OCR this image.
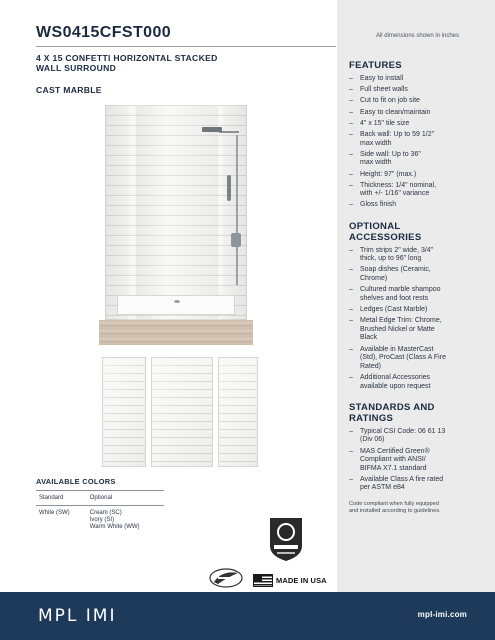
WS0415CFST000
FEATURES
– Easy to install
– Full sheet walls
– Cut to fit on job site
– Easy to clean/maintain
– 4" x 15" tile size
– Back wall: Up to 59 1/2"
max width
– Side wall: Up to 36"
max width
– Height: 97" (max.)
– Thickness: 1/4" nominal,
with +/- 1/16" variance
– Gloss finish
OPTIONAL
ACCESSORIES
– Trim strips 2" wide, 3/4"
thick, up to 96" long
– Soap dishes (Ceramic,
Chrome)
– Cultured marble shampoo
shelves and foot rests
– Ledges (Cast Marble)
– Metal Edge Trim: Chrome,
Brushed Nickel or Matte
Black
– Available in MasterCast
(Std), ProCast (Class A Fire
Rated)
– Additional Accessories
available upon request
STANDARDS AND
RATINGS
– Typical CSI Code: 06 61 13
(Div 06)
– MAS Certified Green®
Compliant with ANSI/
BIFMA X7.1 standard
– Available Class A fire rated
per ASTM e84
Code compliant when fully equipped
and installed according to guidelines.
All dimensions shown in inches
4 X 15 CONFETTI HORIZONTAL STACKED
WALL SURROUND
CAST MARBLE
AVAILABLE COLORS
Standard	Optional
White (SW)	Cream (SC)
Ivory (SI)
Warm White (WW)
MADE IN USA
MPL IMI	mpl-imi.com
